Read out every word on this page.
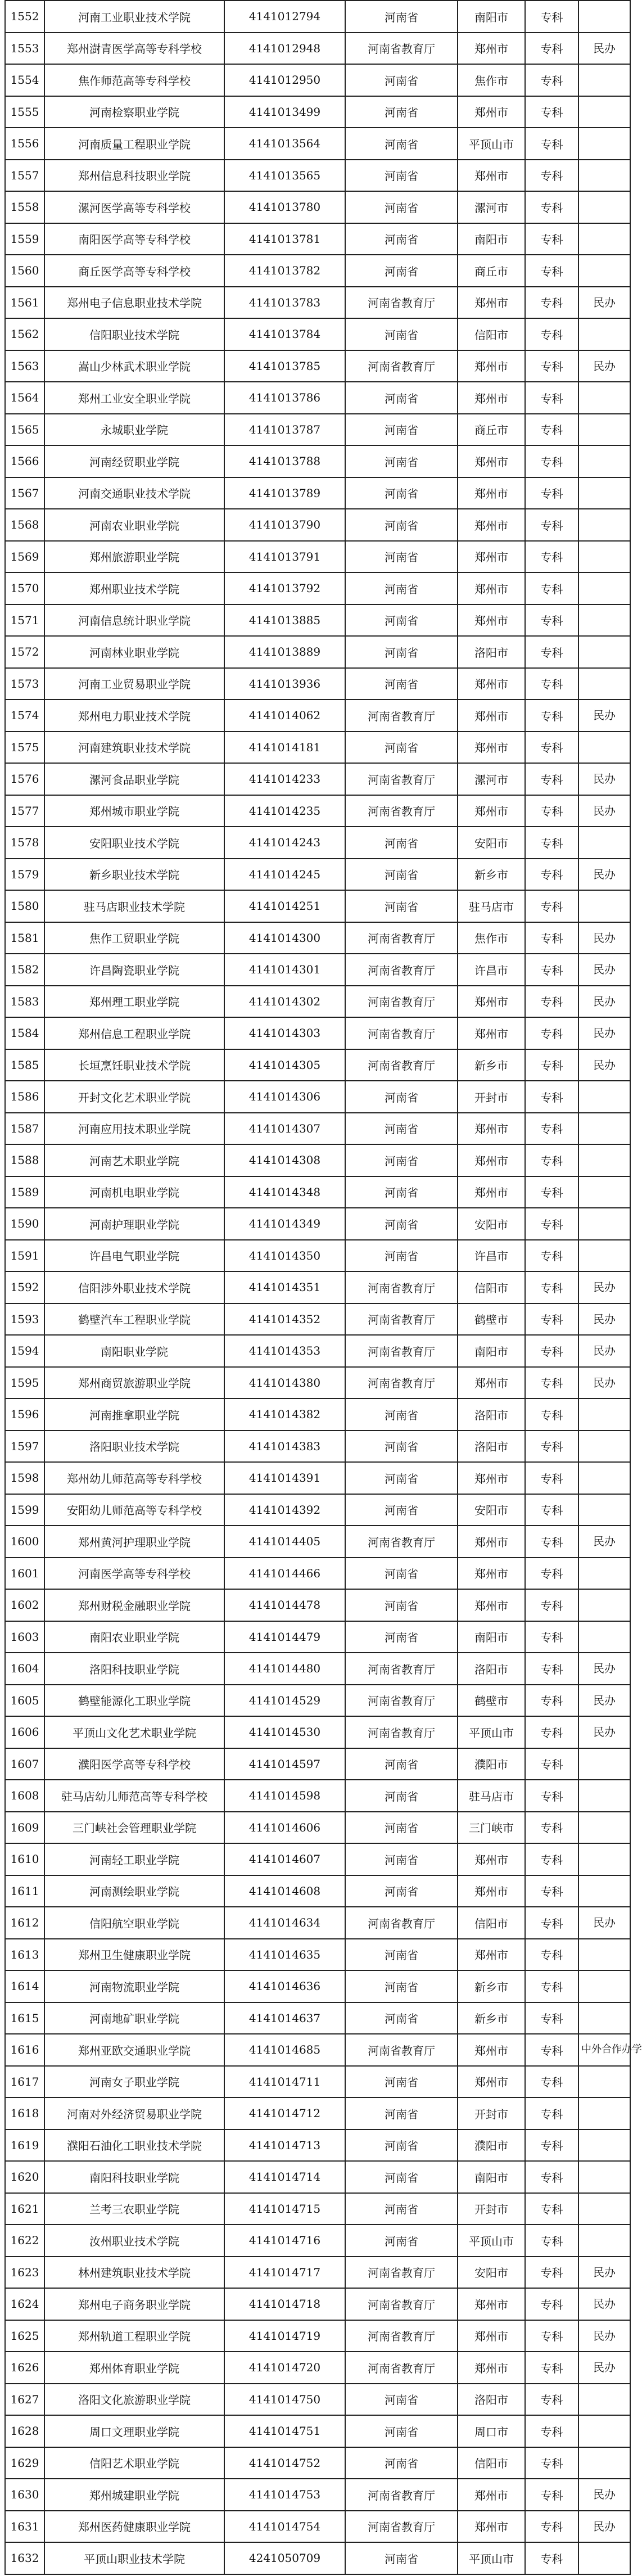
1552	河南工业职业技术学院	4141012794	河南省	南阳市	专科	
1553	郑州澍青医学高等专科学校	4141012948	河南省教育厅	郑州市	专科	民办
1554	焦作师范高等专科学校	4141012950	河南省	焦作市	专科	
1555	河南检察职业学院	4141013499	河南省	郑州市	专科	
1556	河南质量工程职业学院	4141013564	河南省	平顶山市	专科	
1557	郑州信息科技职业学院	4141013565	河南省	郑州市	专科	
1558	漯河医学高等专科学校	4141013780	河南省	漯河市	专科	
1559	南阳医学高等专科学校	4141013781	河南省	南阳市	专科	
1560	商丘医学高等专科学校	4141013782	河南省	商丘市	专科	
1561	郑州电子信息职业技术学院	4141013783	河南省教育厅	郑州市	专科	民办
1562	信阳职业技术学院	4141013784	河南省	信阳市	专科	
1563	嵩山少林武术职业学院	4141013785	河南省教育厅	郑州市	专科	民办
1564	郑州工业安全职业学院	4141013786	河南省	郑州市	专科	
1565	永城职业学院	4141013787	河南省	商丘市	专科	
1566	河南经贸职业学院	4141013788	河南省	郑州市	专科	
1567	河南交通职业技术学院	4141013789	河南省	郑州市	专科	
1568	河南农业职业学院	4141013790	河南省	郑州市	专科	
1569	郑州旅游职业学院	4141013791	河南省	郑州市	专科	
1570	郑州职业技术学院	4141013792	河南省	郑州市	专科	
1571	河南信息统计职业学院	4141013885	河南省	郑州市	专科	
1572	河南林业职业学院	4141013889	河南省	洛阳市	专科	
1573	河南工业贸易职业学院	4141013936	河南省	郑州市	专科	
1574	郑州电力职业技术学院	4141014062	河南省教育厅	郑州市	专科	民办
1575	河南建筑职业技术学院	4141014181	河南省	郑州市	专科	
1576	漯河食品职业学院	4141014233	河南省教育厅	漯河市	专科	民办
1577	郑州城市职业学院	4141014235	河南省教育厅	郑州市	专科	民办
1578	安阳职业技术学院	4141014243	河南省	安阳市	专科	
1579	新乡职业技术学院	4141014245	河南省	新乡市	专科	民办
1580	驻马店职业技术学院	4141014251	河南省	驻马店市	专科	
1581	焦作工贸职业学院	4141014300	河南省教育厅	焦作市	专科	民办
1582	许昌陶瓷职业学院	4141014301	河南省教育厅	许昌市	专科	民办
1583	郑州理工职业学院	4141014302	河南省教育厅	郑州市	专科	民办
1584	郑州信息工程职业学院	4141014303	河南省教育厅	郑州市	专科	民办
1585	长垣烹饪职业技术学院	4141014305	河南省教育厅	新乡市	专科	民办
1586	开封文化艺术职业学院	4141014306	河南省	开封市	专科	
1587	河南应用技术职业学院	4141014307	河南省	郑州市	专科	
1588	河南艺术职业学院	4141014308	河南省	郑州市	专科	
1589	河南机电职业学院	4141014348	河南省	郑州市	专科	
1590	河南护理职业学院	4141014349	河南省	安阳市	专科	
1591	许昌电气职业学院	4141014350	河南省	许昌市	专科	
1592	信阳涉外职业技术学院	4141014351	河南省教育厅	信阳市	专科	民办
1593	鹤壁汽车工程职业学院	4141014352	河南省教育厅	鹤壁市	专科	民办
1594	南阳职业学院	4141014353	河南省教育厅	南阳市	专科	民办
1595	郑州商贸旅游职业学院	4141014380	河南省教育厅	郑州市	专科	民办
1596	河南推拿职业学院	4141014382	河南省	洛阳市	专科	
1597	洛阳职业技术学院	4141014383	河南省	洛阳市	专科	
1598	郑州幼儿师范高等专科学校	4141014391	河南省	郑州市	专科	
1599	安阳幼儿师范高等专科学校	4141014392	河南省	安阳市	专科	
1600	郑州黄河护理职业学院	4141014405	河南省教育厅	郑州市	专科	民办
1601	河南医学高等专科学校	4141014466	河南省	郑州市	专科	
1602	郑州财税金融职业学院	4141014478	河南省	郑州市	专科	
1603	南阳农业职业学院	4141014479	河南省	南阳市	专科	
1604	洛阳科技职业学院	4141014480	河南省教育厅	洛阳市	专科	民办
1605	鹤壁能源化工职业学院	4141014529	河南省教育厅	鹤壁市	专科	民办
1606	平顶山文化艺术职业学院	4141014530	河南省教育厅	平顶山市	专科	民办
1607	濮阳医学高等专科学校	4141014597	河南省	濮阳市	专科	
1608	驻马店幼儿师范高等专科学校	4141014598	河南省	驻马店市	专科	
1609	三门峡社会管理职业学院	4141014606	河南省	三门峡市	专科	
1610	河南轻工职业学院	4141014607	河南省	郑州市	专科	
1611	河南测绘职业学院	4141014608	河南省	郑州市	专科	
1612	信阳航空职业学院	4141014634	河南省教育厅	信阳市	专科	民办
1613	郑州卫生健康职业学院	4141014635	河南省	郑州市	专科	
1614	河南物流职业学院	4141014636	河南省	新乡市	专科	
1615	河南地矿职业学院	4141014637	河南省	新乡市	专科	
1616	郑州亚欧交通职业学院	4141014685	河南省教育厅	郑州市	专科	中外合作办学
1617	河南女子职业学院	4141014711	河南省	郑州市	专科	
1618	河南对外经济贸易职业学院	4141014712	河南省	开封市	专科	
1619	濮阳石油化工职业技术学院	4141014713	河南省	濮阳市	专科	
1620	南阳科技职业学院	4141014714	河南省	南阳市	专科	
1621	兰考三农职业学院	4141014715	河南省	开封市	专科	
1622	汝州职业技术学院	4141014716	河南省	平顶山市	专科	
1623	林州建筑职业技术学院	4141014717	河南省教育厅	安阳市	专科	民办
1624	郑州电子商务职业学院	4141014718	河南省教育厅	郑州市	专科	民办
1625	郑州轨道工程职业学院	4141014719	河南省教育厅	郑州市	专科	民办
1626	郑州体育职业学院	4141014720	河南省教育厅	郑州市	专科	民办
1627	洛阳文化旅游职业学院	4141014750	河南省	洛阳市	专科	
1628	周口文理职业学院	4141014751	河南省	周口市	专科	
1629	信阳艺术职业学院	4141014752	河南省	信阳市	专科	
1630	郑州城建职业学院	4141014753	河南省教育厅	郑州市	专科	民办
1631	郑州医药健康职业学院	4141014754	河南省教育厅	郑州市	专科	民办
1632	平顶山职业技术学院	4241050709	河南省	平顶山市	专科	
